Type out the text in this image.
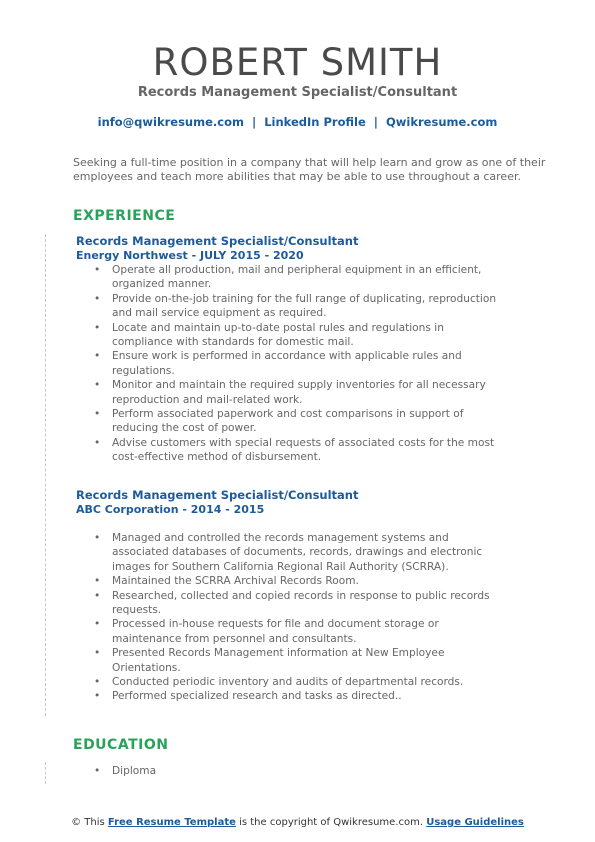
ROBERT SMITH
Records Management Specialist/Consultant
info@qwikresume.com | LinkedIn Profile | Qwikresume.com
Seeking a full-time position in a company that will help learn and grow as one of their employees and teach more abilities that may be able to use throughout a career.
EXPERIENCE
Records Management Specialist/Consultant
Energy Northwest - JULY 2015 - 2020
• Operate all production, mail and peripheral equipment in an efficient, organized manner.
• Provide on-the-job training for the full range of duplicating, reproduction and mail service equipment as required.
• Locate and maintain up-to-date postal rules and regulations in compliance with standards for domestic mail.
• Ensure work is performed in accordance with applicable rules and regulations.
• Monitor and maintain the required supply inventories for all necessary reproduction and mail-related work.
• Perform associated paperwork and cost comparisons in support of reducing the cost of power.
• Advise customers with special requests of associated costs for the most cost-effective method of disbursement.
Records Management Specialist/Consultant
ABC Corporation - 2014 - 2015
• Managed and controlled the records management systems and associated databases of documents, records, drawings and electronic images for Southern California Regional Rail Authority (SCRRA).
• Maintained the SCRRA Archival Records Room.
• Researched, collected and copied records in response to public records requests.
• Processed in-house requests for file and document storage or maintenance from personnel and consultants.
• Presented Records Management information at New Employee Orientations.
• Conducted periodic inventory and audits of departmental records.
• Performed specialized research and tasks as directed..
EDUCATION
• Diploma
© This Free Resume Template is the copyright of Qwikresume.com. Usage Guidelines
